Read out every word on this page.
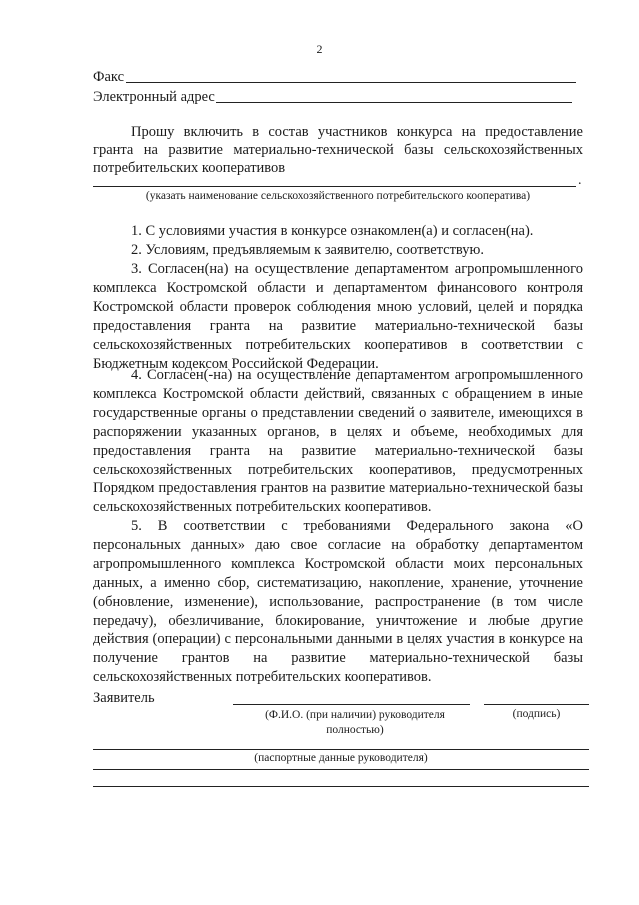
2
Факс
Электронный адрес
Прошу включить в состав участников конкурса на предоставление гранта на развитие материально-технической базы сельскохозяйственных потребительских кооперативов
.
(указать наименование сельскохозяйственного потребительского кооператива)
1. С условиями участия в конкурсе ознакомлен(а) и согласен(на).
2. Условиям, предъявляемым к заявителю, соответствую.
3. Согласен(на) на осуществление департаментом агропромышленного комплекса Костромской области и департаментом финансового контроля Костромской области проверок соблюдения мною условий, целей и порядка предоставления гранта на развитие материально-технической базы сельскохозяйственных потребительских кооперативов в соответствии с Бюджетным кодексом Российской Федерации.
4. Согласен(-на) на осуществление департаментом агропромышленного комплекса Костромской области действий, связанных с обращением в иные государственные органы о представлении сведений о заявителе, имеющихся в распоряжении указанных органов, в целях и объеме, необходимых для предоставления гранта на развитие материально-технической базы сельскохозяйственных потребительских кооперативов, предусмотренных Порядком предоставления грантов на развитие материально-технической базы сельскохозяйственных потребительских кооперативов.
5. В соответствии с требованиями Федерального закона «О персональных данных» даю свое согласие на обработку департаментом агропромышленного комплекса Костромской области моих персональных данных, а именно сбор, систематизацию, накопление, хранение, уточнение (обновление, изменение), использование, распространение (в том числе передачу), обезличивание, блокирование, уничтожение и любые другие действия (операции) с персональными данными в целях участия в конкурсе на получение грантов на развитие материально-технической базы сельскохозяйственных потребительских кооперативов.
Заявитель
(Ф.И.О. (при наличии) руководителя полностью)
(подпись)
(паспортные данные руководителя)
